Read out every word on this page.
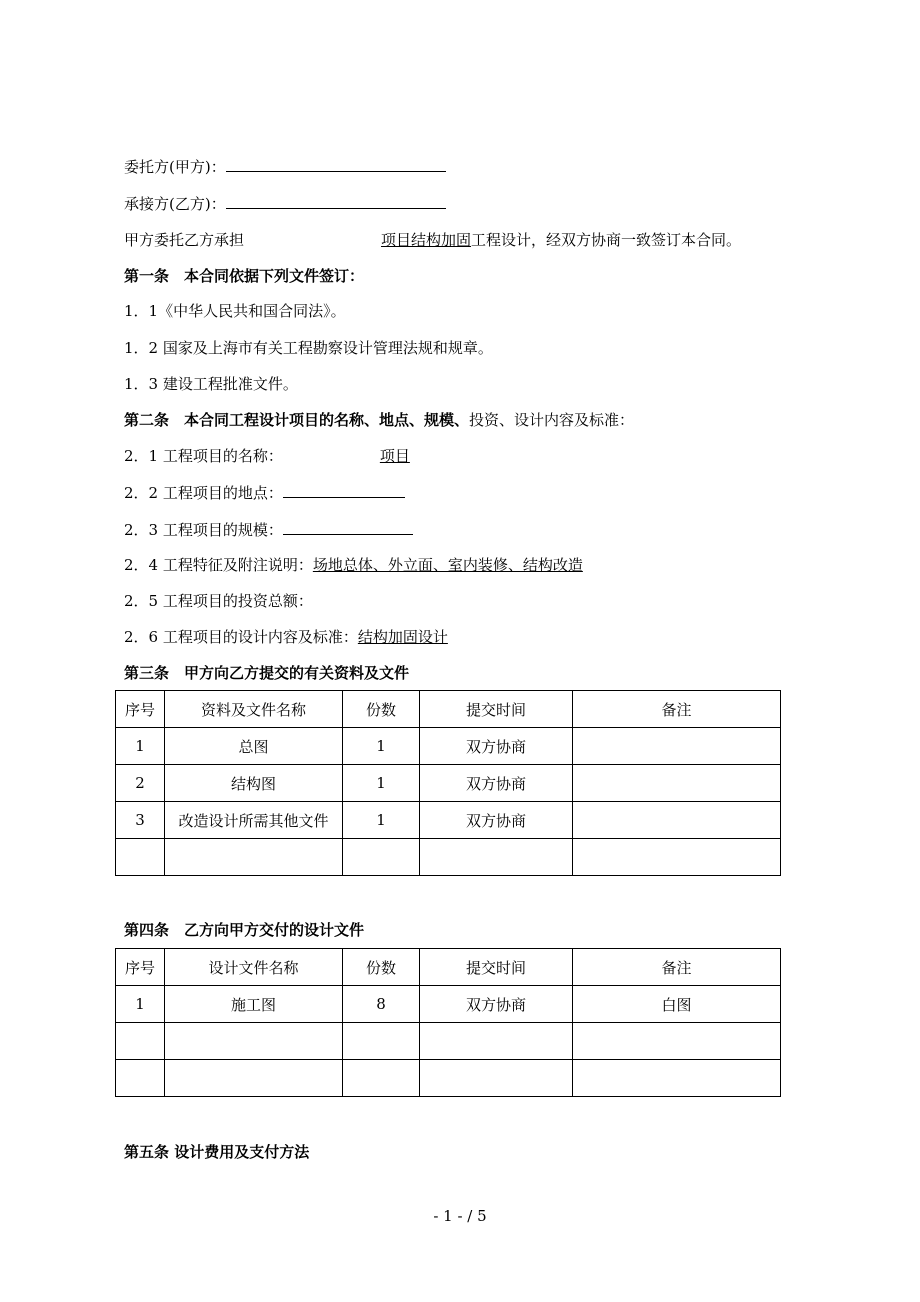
委托方(甲方)：
承接方(乙方)：
甲方委托乙方承担	项目结构加固工程设计，经双方协商一致签订本合同。
第一条　本合同依据下列文件签订：
1．1《中华人民共和国合同法》。
1．2 国家及上海市有关工程勘察设计管理法规和规章。
1．3 建设工程批准文件。
第二条　本合同工程设计项目的名称、地点、规模、投资、设计内容及标准：
2．1 工程项目的名称：	项目
2．2 工程项目的地点：
2．3 工程项目的规模：
2．4 工程特征及附注说明：场地总体、外立面、室内装修、结构改造
2．5 工程项目的投资总额：
2．6 工程项目的设计内容及标准：结构加固设计
第三条　甲方向乙方提交的有关资料及文件
序号	资料及文件名称	份数	提交时间	备注
1	总图	1	双方协商	
2	结构图	1	双方协商	
3	改造设计所需其他文件	1	双方协商	

第四条　乙方向甲方交付的设计文件
序号	设计文件名称	份数	提交时间	备注
1	施工图	8	双方协商	白图

第五条 设计费用及支付方法
- 1 - / 5
